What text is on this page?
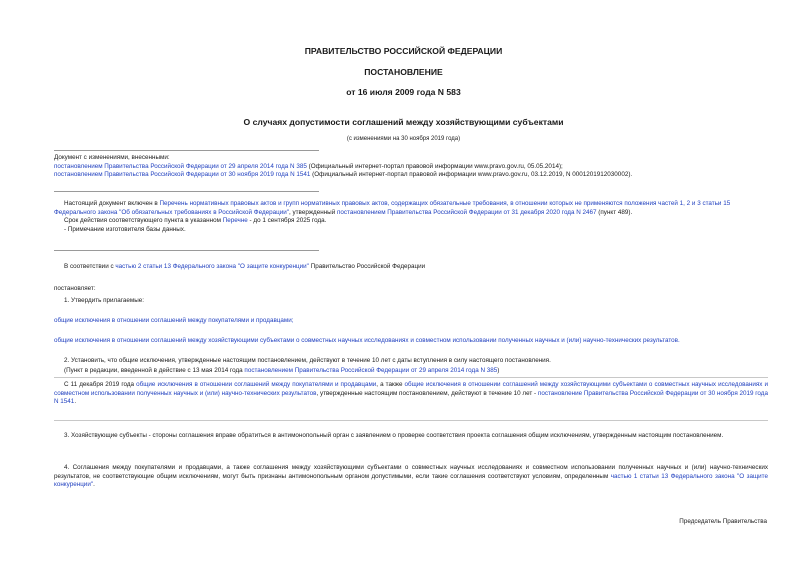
ПРАВИТЕЛЬСТВО РОССИЙСКОЙ ФЕДЕРАЦИИ
ПОСТАНОВЛЕНИЕ
от 16 июля 2009 года N 583
О случаях допустимости соглашений между хозяйствующими субъектами
(с изменениями на 30 ноября 2019 года)
Документ с изменениями, внесенными:
постановлением Правительства Российской Федерации от 29 апреля 2014 года N 385 (Официальный интернет-портал правовой информации www.pravo.gov.ru, 05.05.2014);
постановлением Правительства Российской Федерации от 30 ноября 2019 года N 1541 (Официальный интернет-портал правовой информации www.pravo.gov.ru, 03.12.2019, N 0001201912030002).
Настоящий документ включен в Перечень нормативных правовых актов и групп нормативных правовых актов, содержащих обязательные требования, в отношении которых не применяются положения частей 1, 2 и 3 статьи 15 Федерального закона "Об обязательных требованиях в Российской Федерации", утвержденный постановлением Правительства Российской Федерации от 31 декабря 2020 года N 2467 (пункт 489).
Срок действия соответствующего пункта в указанном Перечне - до 1 сентября 2025 года.
- Примечание изготовителя базы данных.
В соответствии с частью 2 статьи 13 Федерального закона "О защите конкуренции" Правительство Российской Федерации
постановляет:
1. Утвердить прилагаемые:
общие исключения в отношении соглашений между покупателями и продавцами;
общие исключения в отношении соглашений между хозяйствующими субъектами о совместных научных исследованиях и совместном использовании полученных научных и (или) научно-технических результатов.
2. Установить, что общие исключения, утвержденные настоящим постановлением, действуют в течение 10 лет с даты вступления в силу настоящего постановления.
(Пункт в редакции, введенной в действие с 13 мая 2014 года постановлением Правительства Российской Федерации от 29 апреля 2014 года N 385)
С 11 декабря 2019 года общие исключения в отношении соглашений между покупателями и продавцами, а также общие исключения в отношении соглашений между хозяйствующими субъектами о совместных научных исследованиях и совместном использовании полученных научных и (или) научно-технических результатов, утвержденные настоящим постановлением, действуют в течение 10 лет - постановление Правительства Российской Федерации от 30 ноября 2019 года N 1541.
3. Хозяйствующие субъекты - стороны соглашения вправе обратиться в антимонопольный орган с заявлением о проверке соответствия проекта соглашения общим исключениям, утвержденным настоящим постановлением.
4. Соглашения между покупателями и продавцами, а также соглашения между хозяйствующими субъектами о совместных научных исследованиях и совместном использовании полученных научных и (или) научно-технических результатов, не соответствующие общим исключениям, могут быть признаны антимонопольным органом допустимыми, если такие соглашения соответствуют условиям, определенным частью 1 статьи 13 Федерального закона "О защите конкуренции".
Председатель Правительства
